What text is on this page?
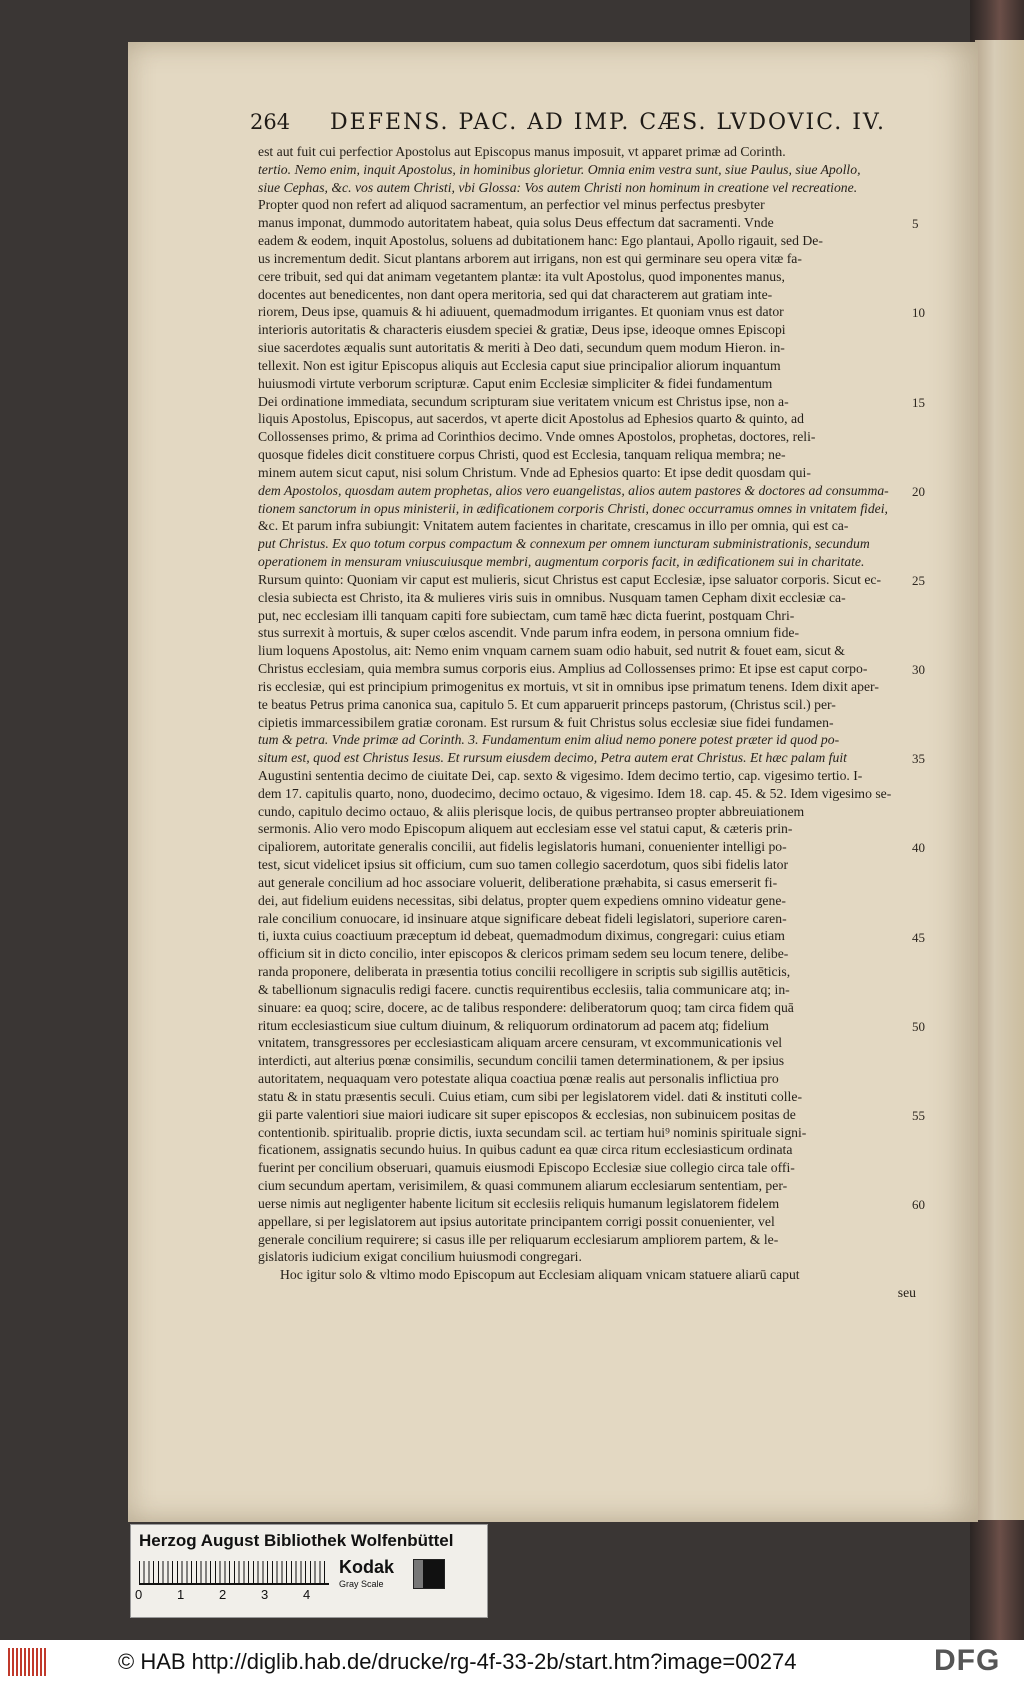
264 DEFENS. PAC. AD IMP. CÆS. LVDOVIC. IV.
est aut fuit cui perfectior Apostolus aut Episcopus manus imposuit, vt apparet primæ ad Corinth.
tertio. Nemo enim, inquit Apostolus, in hominibus glorietur. Omnia enim vestra sunt, siue Paulus, siue Apollo,
siue Cephas, &c. vos autem Christi, vbi Glossa: Vos autem Christi non hominum in creatione vel recreatione.
Propter quod non refert ad aliquod sacramentum, an perfectior vel minus perfectus presbyter
manus imponat, dummodo autoritatem habeat, quia solus Deus effectum dat sacramenti. Vnde
eadem & eodem, inquit Apostolus, soluens ad dubitationem hanc: Ego plantaui, Apollo rigauit, sed De-
us incrementum dedit. Sicut plantans arborem aut irrigans, non est qui germinare seu opera vitæ fa-
cere tribuit, sed qui dat animam vegetantem plantæ: ita vult Apostolus, quod imponentes manus,
docentes aut benedicentes, non dant opera meritoria, sed qui dat characterem aut gratiam inte-
riorem, Deus ipse, quamuis & hi adiuuent, quemadmodum irrigantes. Et quoniam vnus est dator
interioris autoritatis & characteris eiusdem speciei & gratiæ, Deus ipse, ideoque omnes Episcopi
siue sacerdotes æqualis sunt autoritatis & meriti à Deo dati, secundum quem modum Hieron. in-
tellexit. Non est igitur Episcopus aliquis aut Ecclesia caput siue principalior aliorum inquantum
huiusmodi virtute verborum scripturæ. Caput enim Ecclesiæ simpliciter & fidei fundamentum
Dei ordinatione immediata, secundum scripturam siue veritatem vnicum est Christus ipse, non a-
liquis Apostolus, Episcopus, aut sacerdos, vt aperte dicit Apostolus ad Ephesios quarto & quinto, ad
Collossenses primo, & prima ad Corinthios decimo. Vnde omnes Apostolos, prophetas, doctores, reli-
quosque fideles dicit constituere corpus Christi, quod est Ecclesia, tanquam reliqua membra; ne-
minem autem sicut caput, nisi solum Christum. Vnde ad Ephesios quarto: Et ipse dedit quosdam qui-
dem Apostolos, quosdam autem prophetas, alios vero euangelistas, alios autem pastores & doctores ad consumma-
tionem sanctorum in opus ministerii, in ædificationem corporis Christi, donec occurramus omnes in vnitatem fidei,
&c. Et parum infra subiungit: Vnitatem autem facientes in charitate, crescamus in illo per omnia, qui est ca-
put Christus. Ex quo totum corpus compactum & connexum per omnem iuncturam subministrationis, secundum
operationem in mensuram vniuscuiusque membri, augmentum corporis facit, in ædificationem sui in charitate.
Rursum quinto: Quoniam vir caput est mulieris, sicut Christus est caput Ecclesiæ, ipse saluator corporis. Sicut ec-
clesia subiecta est Christo, ita & mulieres viris suis in omnibus. Nusquam tamen Cepham dixit ecclesiæ ca-
put, nec ecclesiam illi tanquam capiti fore subiectam, cum tamē hæc dicta fuerint, postquam Chri-
stus surrexit à mortuis, & super cœlos ascendit. Vnde parum infra eodem, in persona omnium fide-
lium loquens Apostolus, ait: Nemo enim vnquam carnem suam odio habuit, sed nutrit & fouet eam, sicut &
Christus ecclesiam, quia membra sumus corporis eius. Amplius ad Collossenses primo: Et ipse est caput corpo-
ris ecclesiæ, qui est principium primogenitus ex mortuis, vt sit in omnibus ipse primatum tenens. Idem dixit aper-
te beatus Petrus prima canonica sua, capitulo 5. Et cum apparuerit princeps pastorum, (Christus scil.) per-
cipietis immarcessibilem gratiæ coronam. Est rursum & fuit Christus solus ecclesiæ siue fidei fundamen-
tum & petra. Vnde primæ ad Corinth. 3. Fundamentum enim aliud nemo ponere potest præter id quod po-
situm est, quod est Christus Iesus. Et rursum eiusdem decimo, Petra autem erat Christus. Et hæc palam fuit
Augustini sententia decimo de ciuitate Dei, cap. sexto & vigesimo. Idem decimo tertio, cap. vigesimo tertio. I-
dem 17. capitulis quarto, nono, duodecimo, decimo octauo, & vigesimo. Idem 18. cap. 45. & 52. Idem vigesimo se-
cundo, capitulo decimo octauo, & aliis plerisque locis, de quibus pertranseo propter abbreuiationem
sermonis. Alio vero modo Episcopum aliquem aut ecclesiam esse vel statui caput, & cæteris prin-
cipaliorem, autoritate generalis concilii, aut fidelis legislatoris humani, conuenienter intelligi po-
test, sicut videlicet ipsius sit officium, cum suo tamen collegio sacerdotum, quos sibi fidelis lator
aut generale concilium ad hoc associare voluerit, deliberatione præhabita, si casus emerserit fi-
dei, aut fidelium euidens necessitas, sibi delatus, propter quem expediens omnino videatur gene-
rale concilium conuocare, id insinuare atque significare debeat fideli legislatori, superiore caren-
ti, iuxta cuius coactiuum præceptum id debeat, quemadmodum diximus, congregari: cuius etiam
officium sit in dicto concilio, inter episcopos & clericos primam sedem seu locum tenere, delibe-
randa proponere, deliberata in præsentia totius concilii recolligere in scriptis sub sigillis autēticis,
& tabellionum signaculis redigi facere. cunctis requirentibus ecclesiis, talia communicare atq; in-
sinuare: ea quoq; scire, docere, ac de talibus respondere: deliberatorum quoq; tam circa fidem quā
ritum ecclesiasticum siue cultum diuinum, & reliquorum ordinatorum ad pacem atq; fidelium
vnitatem, transgressores per ecclesiasticam aliquam arcere censuram, vt excommunicationis vel
interdicti, aut alterius pœnæ consimilis, secundum concilii tamen determinationem, & per ipsius
autoritatem, nequaquam vero potestate aliqua coactiua pœnæ realis aut personalis inflictiua pro
statu & in statu præsentis seculi. Cuius etiam, cum sibi per legislatorem videl. dati & instituti colle-
gii parte valentiori siue maiori iudicare sit super episcopos & ecclesias, non subinuicem positas de
contentionib. spiritualib. proprie dictis, iuxta secundam scil. ac tertiam hui⁹ nominis spirituale signi-
ficationem, assignatis secundo huius. In quibus cadunt ea quæ circa ritum ecclesiasticum ordinata
fuerint per concilium obseruari, quamuis eiusmodi Episcopo Ecclesiæ siue collegio circa tale offi-
cium secundum apertam, verisimilem, & quasi communem aliarum ecclesiarum sententiam, per-
uerse nimis aut negligenter habente licitum sit ecclesiis reliquis humanum legislatorem fidelem
appellare, si per legislatorem aut ipsius autoritate principantem corrigi possit conuenienter, vel
generale concilium requirere; si casus ille per reliquarum ecclesiarum ampliorem partem, & le-
gislatoris iudicium exigat concilium huiusmodi congregari.
Hoc igitur solo & vltimo modo Episcopum aut Ecclesiam aliquam vnicam statuere aliarū caput
seu
5
10
15
20
25
30
35
40
45
50
55
60
Herzog August Bibliothek Wolfenbüttel
0	1	2	3	4
Kodak
Gray Scale
© HAB http://diglib.hab.de/drucke/rg-4f-33-2b/start.htm?image=00274	DFG
